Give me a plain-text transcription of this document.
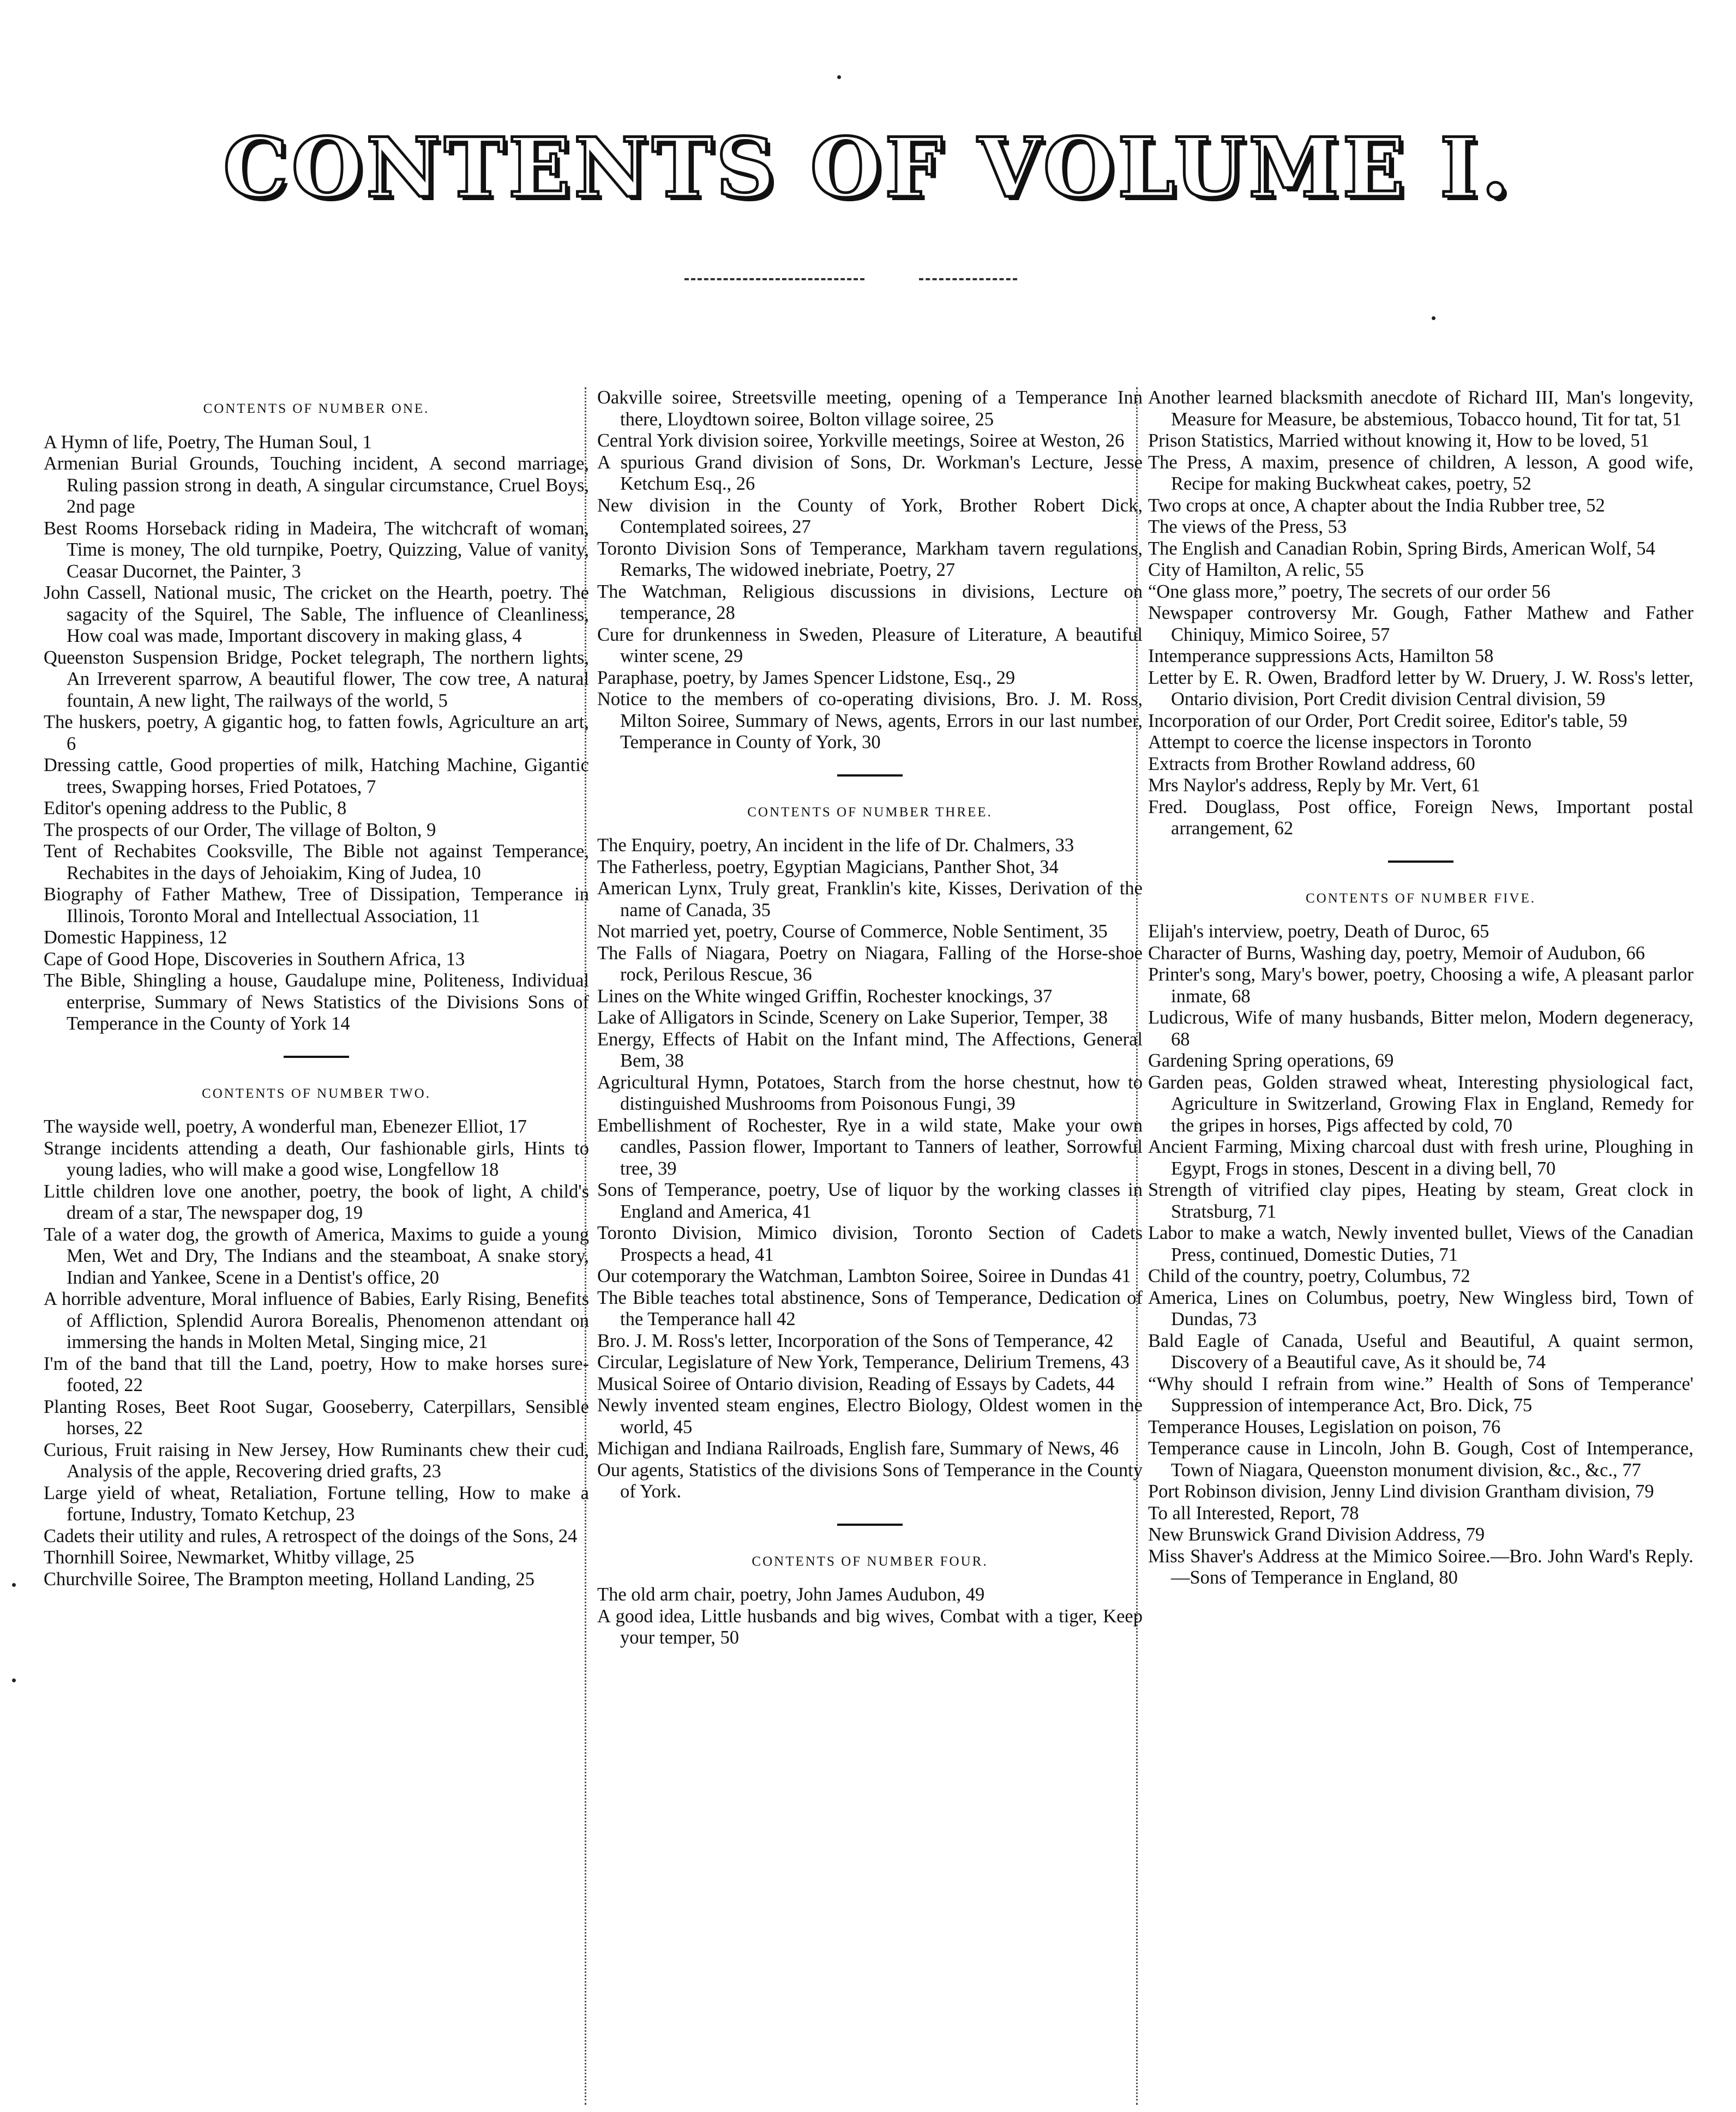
CONTENTS OF VOLUME I.
CONTENTS OF NUMBER ONE.

A Hymn of life, Poetry, The Human Soul, 1

Armenian Burial Grounds, Touching incident, A second marriage, Ruling passion strong in death, A singular circumstance, Cruel Boys, 2nd page

Best Rooms Horseback riding in Madeira, The witchcraft of woman, Time is money, The old turnpike, Poetry, Quizzing, Value of vanity, Ceasar Ducornet, the Painter, 3

John Cassell, National music, The cricket on the Hearth, poetry. The sagacity of the Squirel, The Sable, The influence of Cleanliness, How coal was made, Important discovery in making glass, 4

Queenston Suspension Bridge, Pocket telegraph, The northern lights, An Irreverent sparrow, A beautiful flower, The cow tree, A natural fountain, A new light, The railways of the world, 5

The huskers, poetry, A gigantic hog, to fatten fowls, Agriculture an art, 6

Dressing cattle, Good properties of milk, Hatching Machine, Gigantic trees, Swapping horses, Fried Potatoes, 7

Editor's opening address to the Public, 8

The prospects of our Order, The village of Bolton, 9

Tent of Rechabites Cooksville, The Bible not against Temperance, Rechabites in the days of Jehoiakim, King of Judea, 10

Biography of Father Mathew, Tree of Dissipation, Temperance in Illinois, Toronto Moral and Intellectual Association, 11

Domestic Happiness, 12

Cape of Good Hope, Discoveries in Southern Africa, 13

The Bible, Shingling a house, Gaudalupe mine, Politeness, Individual enterprise, Summary of News Statistics of the Divisions Sons of Temperance in the County of York 14

CONTENTS OF NUMBER TWO.

The wayside well, poetry, A wonderful man, Ebenezer Elliot, 17

Strange incidents attending a death, Our fashionable girls, Hints to young ladies, who will make a good wise, Longfellow 18

Little children love one another, poetry, the book of light, A child's dream of a star, The newspaper dog, 19

Tale of a water dog, the growth of America, Maxims to guide a young Men, Wet and Dry, The Indians and the steamboat, A snake story, Indian and Yankee, Scene in a Dentist's office, 20

A horrible adventure, Moral influence of Babies, Early Rising, Benefits of Affliction, Splendid Aurora Borealis, Phenomenon attendant on immersing the hands in Molten Metal, Singing mice, 21

I'm of the band that till the Land, poetry, How to make horses sure-footed, 22

Planting Roses, Beet Root Sugar, Gooseberry, Caterpillars, Sensible horses, 22

Curious, Fruit raising in New Jersey, How Ruminants chew their cud, Analysis of the apple, Recovering dried grafts, 23

Large yield of wheat, Retaliation, Fortune telling, How to make a fortune, Industry, Tomato Ketchup, 23

Cadets their utility and rules, A retrospect of the doings of the Sons, 24

Thornhill Soiree, Newmarket, Whitby village, 25

Churchville Soiree, The Brampton meeting, Holland Landing, 25

Oakville soiree, Streetsville meeting, opening of a Temperance Inn there, Lloydtown soiree, Bolton village soiree, 25

Central York division soiree, Yorkville meetings, Soiree at Weston, 26

A spurious Grand division of Sons, Dr. Workman's Lecture, Jesse Ketchum Esq., 26

New division in the County of York, Brother Robert Dick, Contemplated soirees, 27

Toronto Division Sons of Temperance, Markham tavern regulations, Remarks, The widowed inebriate, Poetry, 27

The Watchman, Religious discussions in divisions, Lecture on temperance, 28

Cure for drunkenness in Sweden, Pleasure of Literature, A beautiful winter scene, 29

Paraphase, poetry, by James Spencer Lidstone, Esq., 29

Notice to the members of co-operating divisions, Bro. J. M. Ross, Milton Soiree, Summary of News, agents, Errors in our last number, Temperance in County of York, 30

CONTENTS OF NUMBER THREE.

The Enquiry, poetry, An incident in the life of Dr. Chalmers, 33

The Fatherless, poetry, Egyptian Magicians, Panther Shot, 34

American Lynx, Truly great, Franklin's kite, Kisses, Derivation of the name of Canada, 35

Not married yet, poetry, Course of Commerce, Noble Sentiment, 35

The Falls of Niagara, Poetry on Niagara, Falling of the Horse-shoe rock, Perilous Rescue, 36

Lines on the White winged Griffin, Rochester knockings, 37

Lake of Alligators in Scinde, Scenery on Lake Superior, Temper, 38

Energy, Effects of Habit on the Infant mind, The Affections, General Bem, 38

Agricultural Hymn, Potatoes, Starch from the horse chestnut, how to distinguished Mushrooms from Poisonous Fungi, 39

Embellishment of Rochester, Rye in a wild state, Make your own candles, Passion flower, Important to Tanners of leather, Sorrowful tree, 39

Sons of Temperance, poetry, Use of liquor by the working classes in England and America, 41

Toronto Division, Mimico division, Toronto Section of Cadets Prospects a head, 41

Our cotemporary the Watchman, Lambton Soiree, Soiree in Dundas 41

The Bible teaches total abstinence, Sons of Temperance, Dedication of the Temperance hall 42

Bro. J. M. Ross's letter, Incorporation of the Sons of Temperance, 42

Circular, Legislature of New York, Temperance, Delirium Tremens, 43

Musical Soiree of Ontario division, Reading of Essays by Cadets, 44

Newly invented steam engines, Electro Biology, Oldest women in the world, 45

Michigan and Indiana Railroads, English fare, Summary of News, 46

Our agents, Statistics of the divisions Sons of Temperance in the County of York.

CONTENTS OF NUMBER FOUR.

The old arm chair, poetry, John James Audubon, 49

A good idea, Little husbands and big wives, Combat with a tiger, Keep your temper, 50

Another learned blacksmith anecdote of Richard III, Man's longevity, Measure for Measure, be abstemious, Tobacco hound, Tit for tat, 51

Prison Statistics, Married without knowing it, How to be loved, 51

The Press, A maxim, presence of children, A lesson, A good wife, Recipe for making Buckwheat cakes, poetry, 52

Two crops at once, A chapter about the India Rubber tree, 52

The views of the Press, 53

The English and Canadian Robin, Spring Birds, American Wolf, 54

City of Hamilton, A relic, 55

“One glass more,” poetry, The secrets of our order 56

Newspaper controversy Mr. Gough, Father Mathew and Father Chiniquy, Mimico Soiree, 57

Intemperance suppressions Acts, Hamilton 58

Letter by E. R. Owen, Bradford letter by W. Druery, J. W. Ross's letter, Ontario division, Port Credit division Central division, 59

Incorporation of our Order, Port Credit soiree, Editor's table, 59

Attempt to coerce the license inspectors in Toronto

Extracts from Brother Rowland address, 60

Mrs Naylor's address, Reply by Mr. Vert, 61

Fred. Douglass, Post office, Foreign News, Important postal arrangement, 62

CONTENTS OF NUMBER FIVE.

Elijah's interview, poetry, Death of Duroc, 65

Character of Burns, Washing day, poetry, Memoir of Audubon, 66

Printer's song, Mary's bower, poetry, Choosing a wife, A pleasant parlor inmate, 68

Ludicrous, Wife of many husbands, Bitter melon, Modern degeneracy, 68

Gardening Spring operations, 69

Garden peas, Golden strawed wheat, Interesting physiological fact, Agriculture in Switzerland, Growing Flax in England, Remedy for the gripes in horses, Pigs affected by cold, 70

Ancient Farming, Mixing charcoal dust with fresh urine, Ploughing in Egypt, Frogs in stones, Descent in a diving bell, 70

Strength of vitrified clay pipes, Heating by steam, Great clock in Stratsburg, 71

Labor to make a watch, Newly invented bullet, Views of the Canadian Press, continued, Domestic Duties, 71

Child of the country, poetry, Columbus, 72

America, Lines on Columbus, poetry, New Wingless bird, Town of Dundas, 73

Bald Eagle of Canada, Useful and Beautiful, A quaint sermon, Discovery of a Beautiful cave, As it should be, 74

“Why should I refrain from wine.” Health of Sons of Temperance' Suppression of intemperance Act, Bro. Dick, 75

Temperance Houses, Legislation on poison, 76

Temperance cause in Lincoln, John B. Gough, Cost of Intemperance, Town of Niagara, Queenston monument division, &c., &c., 77

Port Robinson division, Jenny Lind division Grantham division, 79

To all Interested, Report, 78

New Brunswick Grand Division Address, 79

Miss Shaver's Address at the Mimico Soiree.—Bro. John Ward's Reply.—Sons of Temperance in England, 80
